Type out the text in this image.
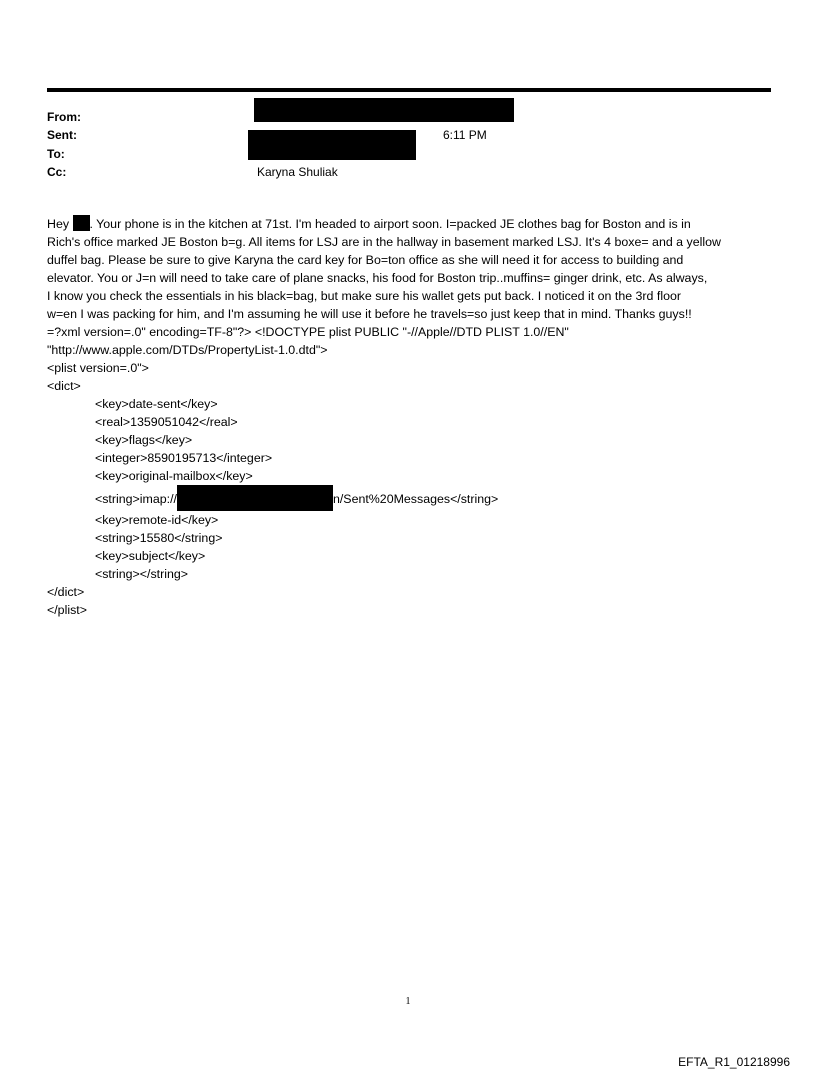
From:
Sent:
To:
Cc:
6:11 PM
Karyna Shuliak

Hey . Your phone is in the kitchen at 71st. I'm headed to airport soon. I=packed JE clothes bag for Boston and is in

Rich's office marked JE Boston b=g. All items for LSJ are in the hallway in basement marked LSJ. It's 4 boxe= and a yellow

duffel bag. Please be sure to give Karyna the card key for Bo=ton office as she will need it for access to building and

elevator. You or J=n will need to take care of plane snacks, his food for Boston trip..muffins= ginger drink, etc. As always,

I know you check the essentials in his black=bag, but make sure his wallet gets put back. I noticed it on the 3rd floor

w=en I was packing for him, and I'm assuming he will use it before he travels=so just keep that in mind. Thanks guys!!

=?xml version=.0" encoding=TF-8"?> <!DOCTYPE plist PUBLIC "-//Apple//DTD PLIST 1.0//EN"

"http://www.apple.com/DTDs/PropertyList-1.0.dtd">

<plist version=.0">

<dict>

<key>date-sent</key>

<real>1359051042</real>

<key>flags</key>

<integer>8590195713</integer>

<key>original-mailbox</key>

<string>imap://	n/Sent%20Messages</string>

<key>remote-id</key>

<string>15580</string>

<key>subject</key>

<string></string>

</dict>

</plist>

1
EFTA_R1_01218996
